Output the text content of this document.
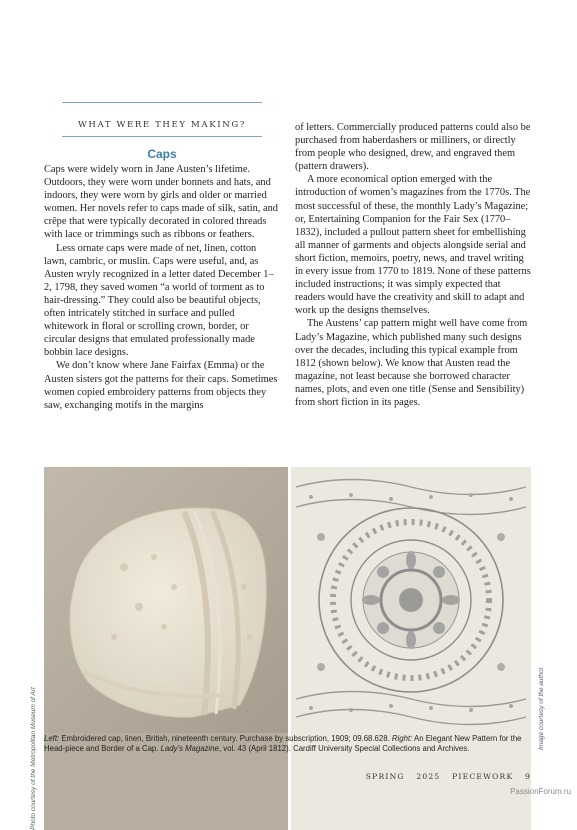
WHAT WERE THEY MAKING?
Caps

Caps were widely worn in Jane Austen’s lifetime. Outdoors, they were worn under bonnets and hats, and indoors, they were worn by girls and older or married women. Her novels refer to caps made of silk, satin, and crêpe that were typically decorated in colored threads with lace or trimmings such as ribbons or feathers.

Less ornate caps were made of net, linen, cotton lawn, cambric, or muslin. Caps were useful, and, as Austen wryly recognized in a letter dated December 1–2, 1798, they saved women “a world of torment as to hair-dressing.” They could also be beautiful objects, often intricately stitched in surface and pulled whitework in floral or scrolling crown, border, or circular designs that emulated professionally made bobbin lace designs.

We don’t know where Jane Fairfax (Emma) or the Austen sisters got the patterns for their caps. Sometimes women copied embroidery patterns from objects they saw, exchanging motifs in the margins

of letters. Commercially produced patterns could also be purchased from haberdashers or milliners, or directly from people who designed, drew, and engraved them (pattern drawers).

A more economical option emerged with the introduction of women’s magazines from the 1770s. The most successful of these, the monthly Lady’s Magazine; or, Entertaining Companion for the Fair Sex (1770–1832), included a pullout pattern sheet for embellishing all manner of garments and objects alongside serial and short fiction, memoirs, poetry, news, and travel writing in every issue from 1770 to 1819. None of these patterns included instructions; it was simply expected that readers would have the creativity and skill to adapt and work up the designs themselves.

The Austens’ cap pattern might well have come from Lady’s Magazine, which published many such designs over the decades, including this typical example from 1812 (shown below). We know that Austen read the magazine, not least because she borrowed character names, plots, and even one title (Sense and Sensibility) from short fiction in its pages.

Photo courtesy of the Metropolitan Museum of Art	Image courtesy of the author
Left: Embroidered cap, linen, British, nineteenth century. Purchase by subscription, 1909; 09.68.628. Right: An Elegant New Pattern for the Head-piece and Border of a Cap. Lady’s Magazine, vol. 43 (April 1812). Cardiff University Special Collections and Archives.
SPRING 2025 PIECEWORK 9
PassionForum.ru
